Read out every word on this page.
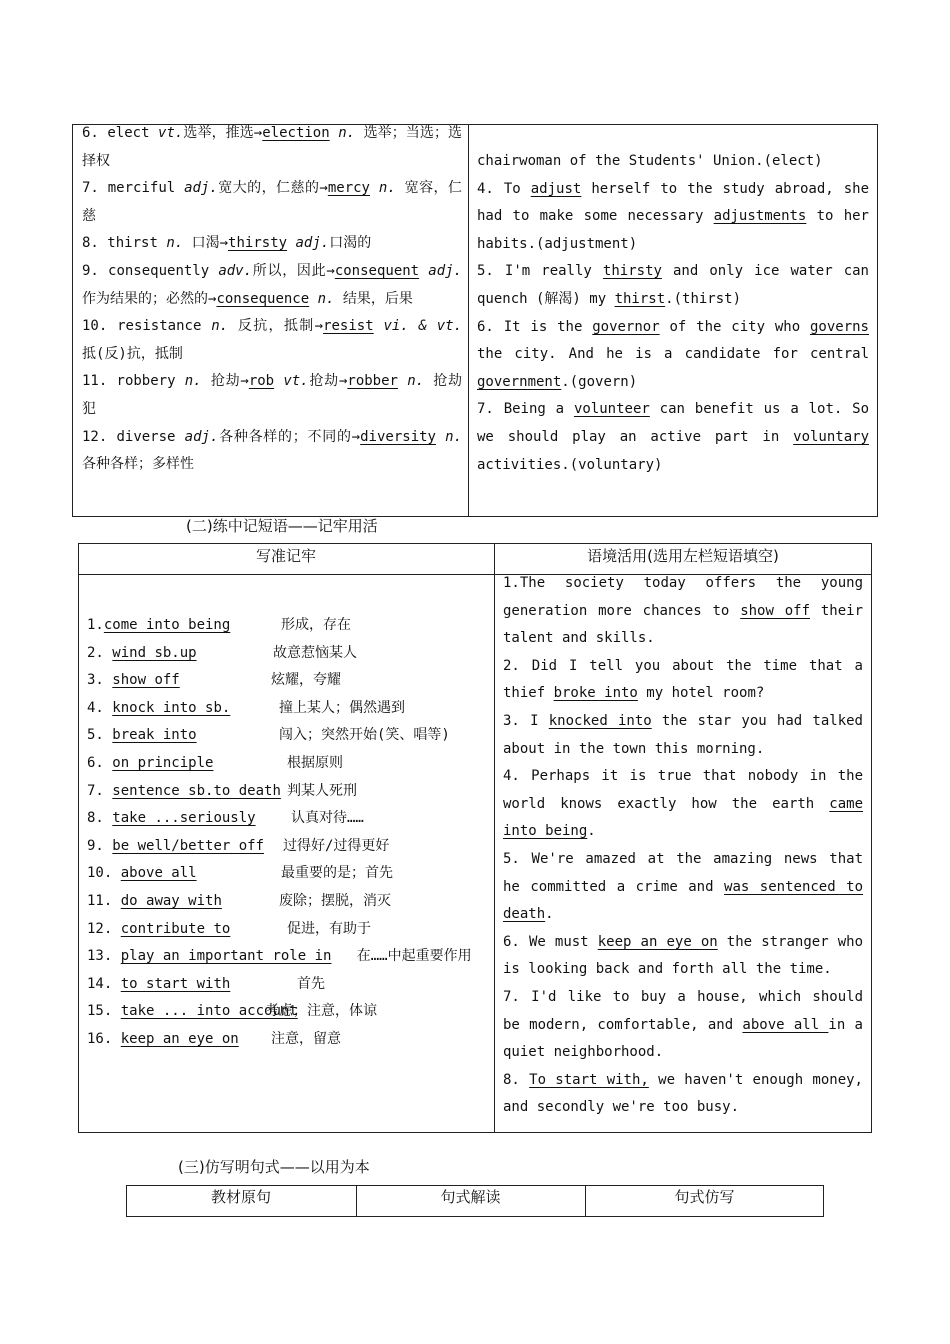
6. elect vt.选举，推选→election n. 选举；当选；选择权

7. merciful adj.宽大的，仁慈的→mercy n. 宽容，仁慈

8. thirst n. 口渴→thirsty adj.口渴的

9. consequently adv.所以，因此→consequent adj.作为结果的；必然的→consequence n. 结果，后果

10. resistance n. 反抗，抵制→resist vi. & vt. 抵(反)抗，抵制

11. robbery n. 抢劫→rob vt.抢劫→robber n. 抢劫犯

12. diverse adj.各种各样的；不同的→diversity n. 各种各样；多样性

chairwoman of the Students' Union.(elect)

4. To adjust herself to the study abroad, she had to make some necessary adjustments to her habits.(adjustment)

5. I'm really thirsty and only ice water can quench (解渴) my thirst.(thirst)

6. It is the governor of the city who governs the city. And he is a candidate for central government.(govern)

7. Being a volunteer can benefit us a lot. So we should play an active part in voluntary activities.(voluntary)

(二)练中记短语——记牢用活
写准记牢	语境活用(选用左栏短语填空)
1.come into being	形成，存在
2. wind sb.up	故意惹恼某人
3. show off	炫耀，夸耀
4. knock into sb.	撞上某人；偶然遇到
5. break into	闯入；突然开始(笑、唱等)
6. on principle	根据原则
7. sentence sb.to death 判某人死刑
8. take ...seriously	认真对待……
9. be well/better off 过得好/过得更好
10. above all	最重要的是；首先
11. do away with	废除；摆脱，消灭
12. contribute to	促进，有助于
13. play an important role in 在……中起重要作用
14. to start with	首先
15. take ... into account
考虑；注意，体谅
16. keep an eye on	注意，留意

1.The society today offers the young generation more chances to show off their talent and skills.

2. Did I tell you about the time that a thief broke into my hotel room?

3. I knocked into the star you had talked about in the town this morning.

4. Perhaps it is true that nobody in the world knows exactly how the earth came into being.

5. We're amazed at the amazing news that he committed a crime and was sentenced to death.

6. We must keep an eye on the stranger who is looking back and forth all the time.

7. I'd like to buy a house, which should be modern, comfortable, and above all in a quiet neighborhood.

8. To start with, we haven't enough money, and secondly we're too busy.

(三)仿写明句式——以用为本
教材原句	句式解读	句式仿写
